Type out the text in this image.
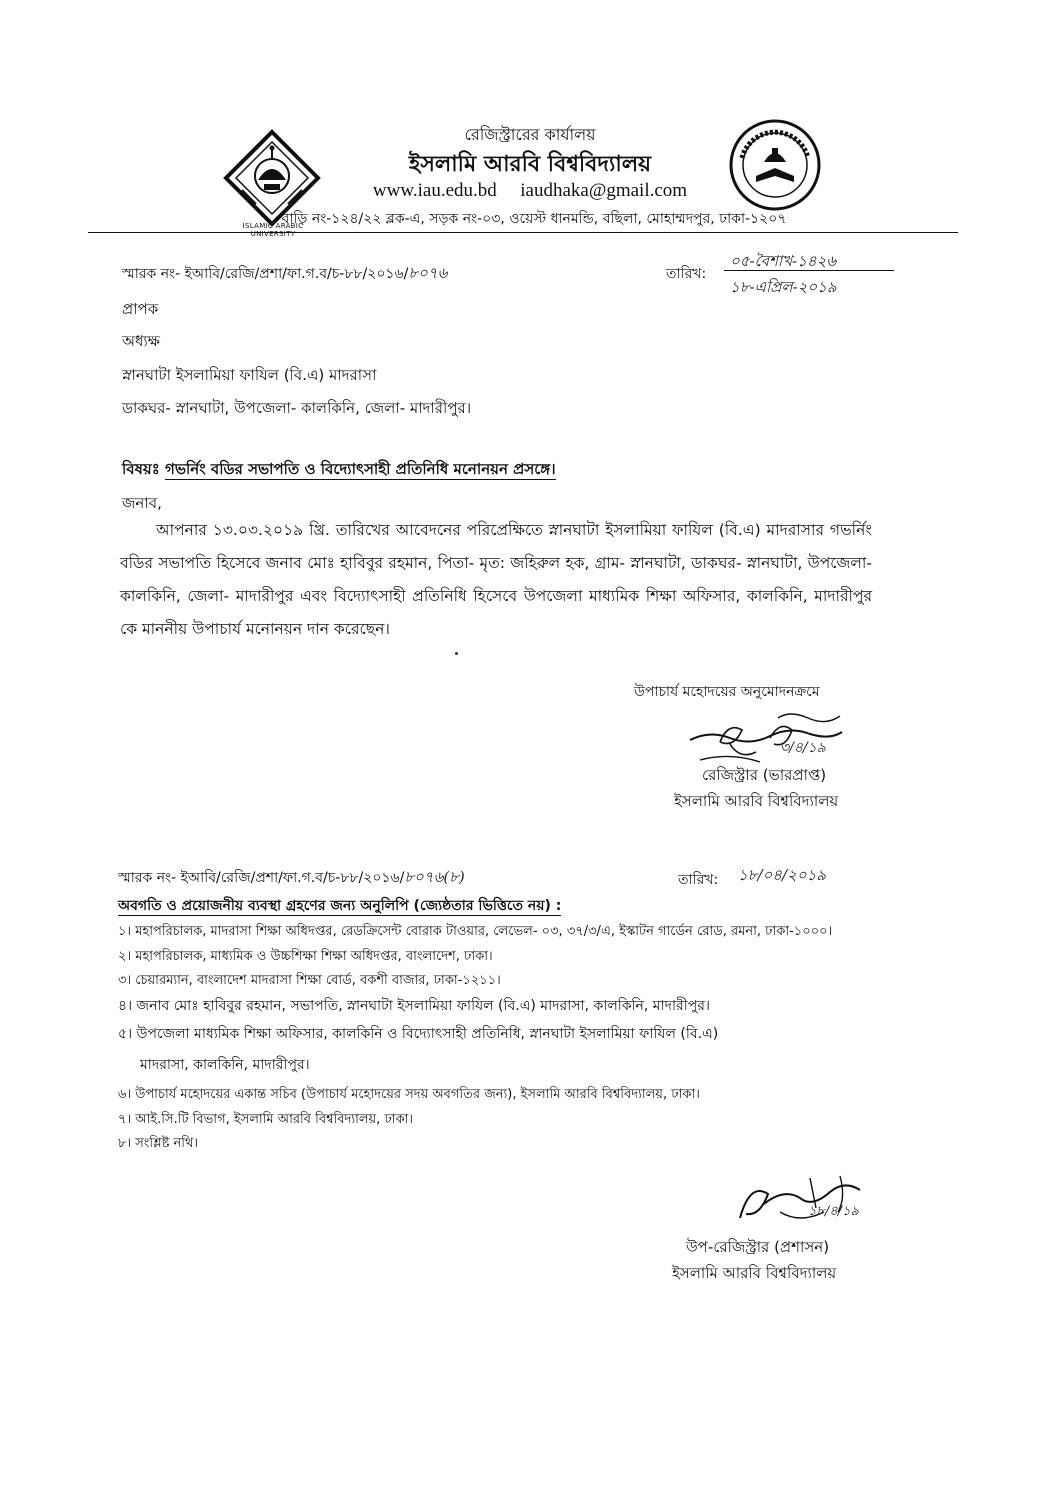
ISLAMIC ARABIC UNIVERSITY
রেজিস্ট্রারের কার্যালয়
ইসলামি আরবি বিশ্ববিদ্যালয়
www.iau.edu.bd iaudhaka@gmail.com
বাড়ি নং-১২৪/২২ ব্লক-এ, সড়ক নং-০৩, ওয়েস্ট ধানমন্ডি, বছিলা, মোহাম্মদপুর, ঢাকা-১২০৭
স্মারক নং- ইআবি/রেজি/প্রশা/ফা.গ.ব/চ-৮৮/২০১৬/৮০৭৬	তারিখ:
০৫-বৈশাখ-১৪২৬
১৮-এপ্রিল-২০১৯
প্রাপক
অধ্যক্ষ
স্নানঘাটা ইসলামিয়া ফাযিল (বি.এ) মাদরাসা
ডাকঘর- স্নানঘাটা, উপজেলা- কালকিনি, জেলা- মাদারীপুর।
বিষয়ঃ গভর্নিং বডির সভাপতি ও বিদ্যোৎসাহী প্রতিনিধি মনোনয়ন প্রসঙ্গে।
জনাব,
আপনার ১৩.০৩.২০১৯ খ্রি. তারিখের আবেদনের পরিপ্রেক্ষিতে স্নানঘাটা ইসলামিয়া ফাযিল (বি.এ) মাদরাসার গভর্নিং বডির সভাপতি হিসেবে জনাব মোঃ হাবিবুর রহমান, পিতা- মৃত: জহিরুল হক, গ্রাম- স্নানঘাটা, ডাকঘর- স্নানঘাটা, উপজেলা- কালকিনি, জেলা- মাদারীপুর এবং বিদ্যোৎসাহী প্রতিনিধি হিসেবে উপজেলা মাধ্যমিক শিক্ষা অফিসার, কালকিনি, মাদারীপুর কে মাননীয় উপাচার্য মনোনয়ন দান করেছেন।
উপাচার্য মহোদয়ের অনুমোদনক্রমে
৩/৪/১৯
রেজিস্ট্রার (ভারপ্রাপ্ত)
ইসলামি আরবি বিশ্ববিদ্যালয়
স্মারক নং- ইআবি/রেজি/প্রশা/ফা.গ.ব/চ-৮৮/২০১৬/৮০৭৬(৮)	তারিখ: ১৮/০৪/২০১৯
অবগতি ও প্রয়োজনীয় ব্যবস্থা গ্রহণের জন্য অনুলিপি (জ্যেষ্ঠতার ভিত্তিতে নয়) :
১। মহাপরিচালক, মাদরাসা শিক্ষা অধিদপ্তর, রেডক্রিসেন্ট বোরাক টাওয়ার, লেভেল- ০৩, ৩৭/৩/এ, ইস্কাটন গার্ডেন রোড, রমনা, ঢাকা-১০০০।
২। মহাপরিচালক, মাধ্যমিক ও উচ্চশিক্ষা শিক্ষা অধিদপ্তর, বাংলাদেশ, ঢাকা।
৩। চেয়ারম্যান, বাংলাদেশ মাদরাসা শিক্ষা বোর্ড, বকশী বাজার, ঢাকা-১২১১।
৪। জনাব মোঃ হাবিবুর রহমান, সভাপতি, স্নানঘাটা ইসলামিয়া ফাযিল (বি.এ) মাদরাসা, কালকিনি, মাদারীপুর।
৫। উপজেলা মাধ্যমিক শিক্ষা অফিসার, কালকিনি ও বিদ্যোৎসাহী প্রতিনিধি, স্নানঘাটা ইসলামিয়া ফাযিল (বি.এ)
মাদরাসা, কালকিনি, মাদারীপুর।
৬। উপাচার্য মহোদয়ের একান্ত সচিব (উপাচার্য মহোদয়ের সদয় অবগতির জন্য), ইসলামি আরবি বিশ্ববিদ্যালয়, ঢাকা।
৭। আই.সি.টি বিভাগ, ইসলামি আরবি বিশ্ববিদ্যালয়, ঢাকা।
৮। সংশ্লিষ্ট নথি।
১৮/৪/১৯
উপ-রেজিস্ট্রার (প্রশাসন)
ইসলামি আরবি বিশ্ববিদ্যালয়
